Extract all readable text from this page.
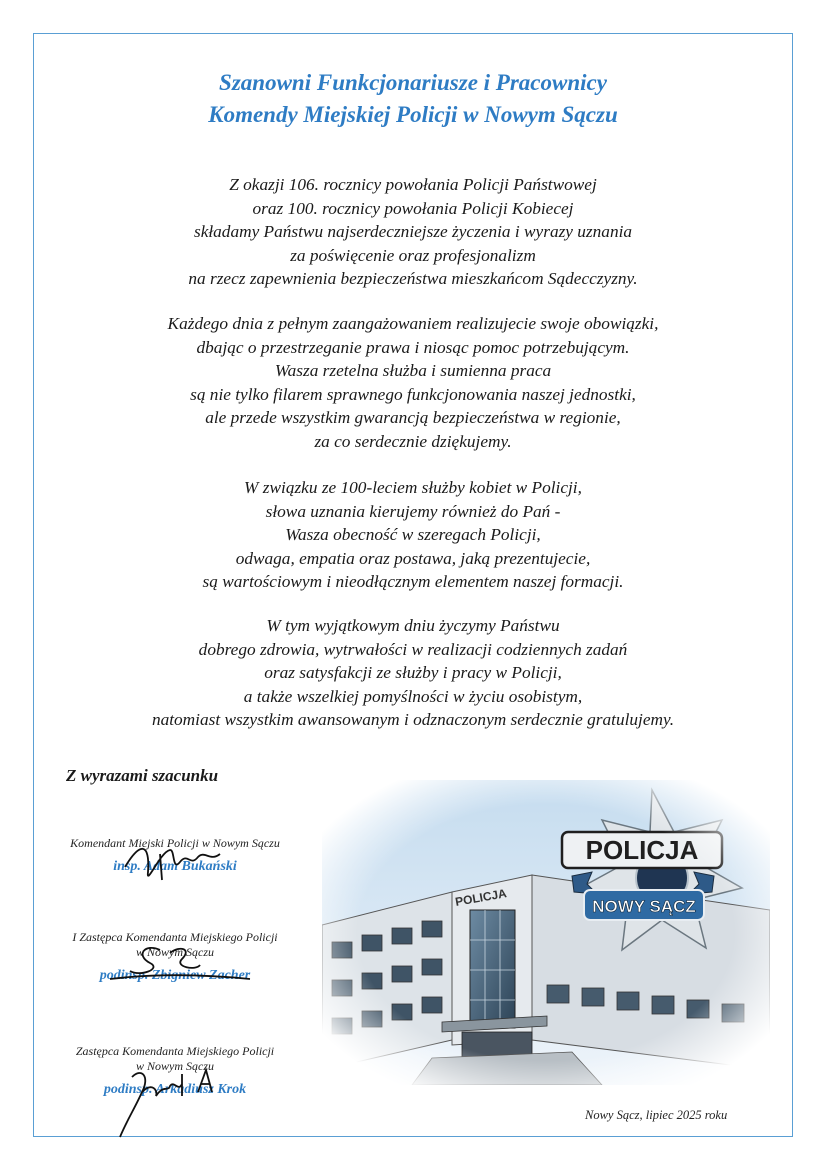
Szanowni Funkcjonariusze i Pracownicy
Komendy Miejskiej Policji w Nowym Sączu
Z okazji 106. rocznicy powołania Policji Państwowej
oraz 100. rocznicy powołania Policji Kobiecej
składamy Państwu najserdeczniejsze życzenia i wyrazy uznania
za poświęcenie oraz profesjonalizm
na rzecz zapewnienia bezpieczeństwa mieszkańcom Sądecczyzny.
Każdego dnia z pełnym zaangażowaniem realizujecie swoje obowiązki,
dbając o przestrzeganie prawa i niosąc pomoc potrzebującym.
Wasza rzetelna służba i sumienna praca
są nie tylko filarem sprawnego funkcjonowania naszej jednostki,
ale przede wszystkim gwarancją bezpieczeństwa w regionie,
za co serdecznie dziękujemy.
W związku ze 100-leciem służby kobiet w Policji,
słowa uznania kierujemy również do Pań -
Wasza obecność w szeregach Policji,
odwaga, empatia oraz postawa, jaką prezentujecie,
są wartościowym i nieodłącznym elementem naszej formacji.
W tym wyjątkowym dniu życzymy Państwu
dobrego zdrowia, wytrwałości w realizacji codziennych zadań
oraz satysfakcji ze służby i pracy w Policji,
a także wszelkiej pomyślności w życiu osobistym,
natomiast wszystkim awansowanym i odznaczonym serdecznie gratulujemy.
Z wyrazami szacunku
Komendant Miejski Policji w Nowym Sączu
insp. Adam Bukański
I Zastępca Komendanta Miejskiego Policji
w Nowym Sączu
podinsp. Zbigniew Zacher
Zastępca Komendanta Miejskiego Policji
w Nowym Sączu
podinsp. Arkadiusz Krok
Nowy Sącz, lipiec 2025 roku
